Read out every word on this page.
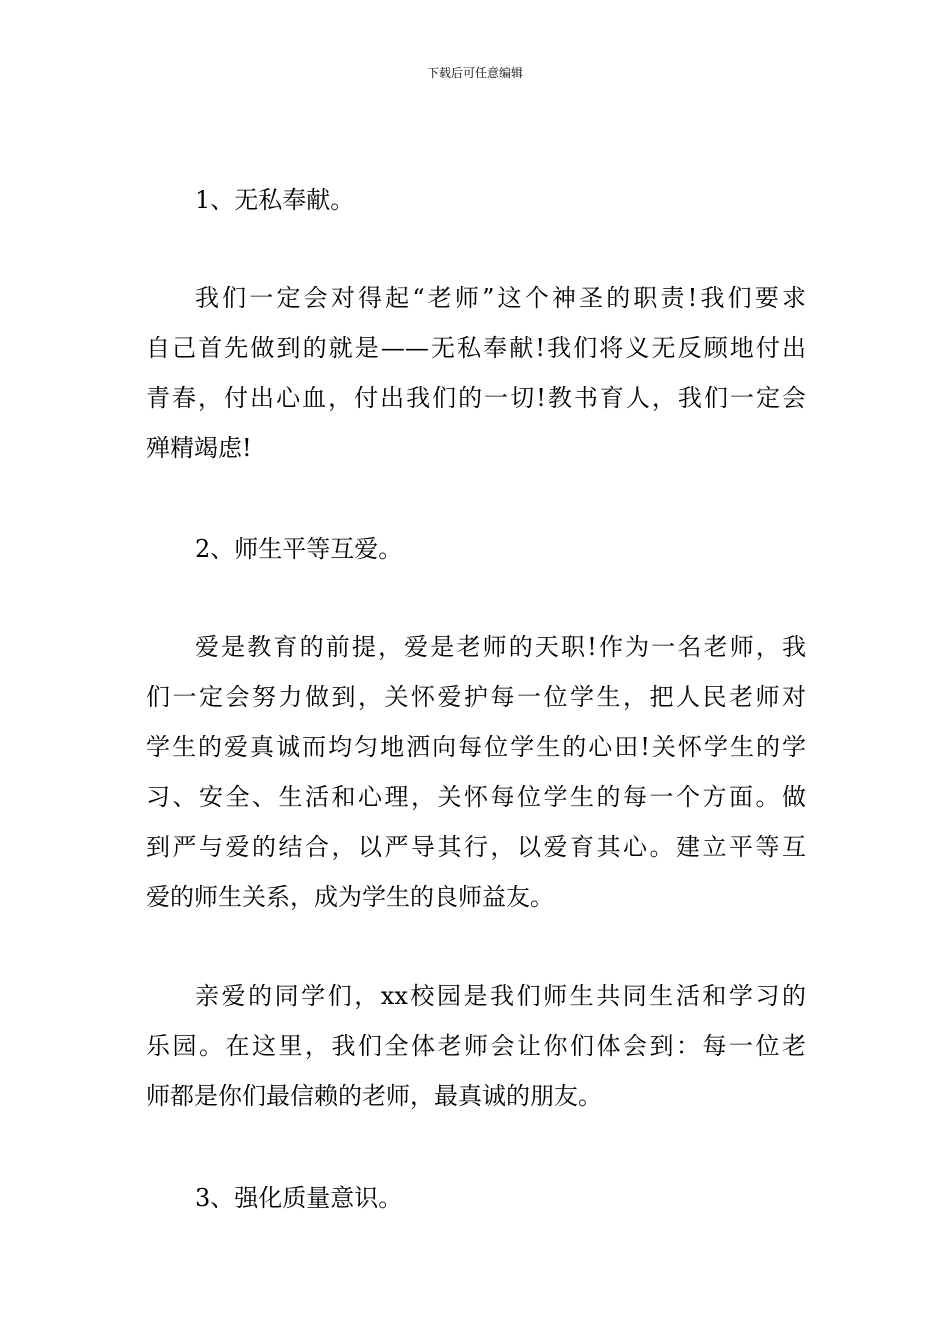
下载后可任意编辑
1、无私奉献。
我们一定会对得起“老师”这个神圣的职责!我们要求
自己首先做到的就是——无私奉献!我们将义无反顾地付出
青春，付出心血，付出我们的一切!教书育人，我们一定会
殚精竭虑!
2、师生平等互爱。
爱是教育的前提，爱是老师的天职!作为一名老师，我
们一定会努力做到，关怀爱护每一位学生，把人民老师对
学生的爱真诚而均匀地洒向每位学生的心田!关怀学生的学
习、安全、生活和心理，关怀每位学生的每一个方面。做
到严与爱的结合，以严导其行，以爱育其心。建立平等互
爱的师生关系，成为学生的良师益友。
亲爱的同学们，xx校园是我们师生共同生活和学习的
乐园。在这里，我们全体老师会让你们体会到：每一位老
师都是你们最信赖的老师，最真诚的朋友。
3、强化质量意识。
